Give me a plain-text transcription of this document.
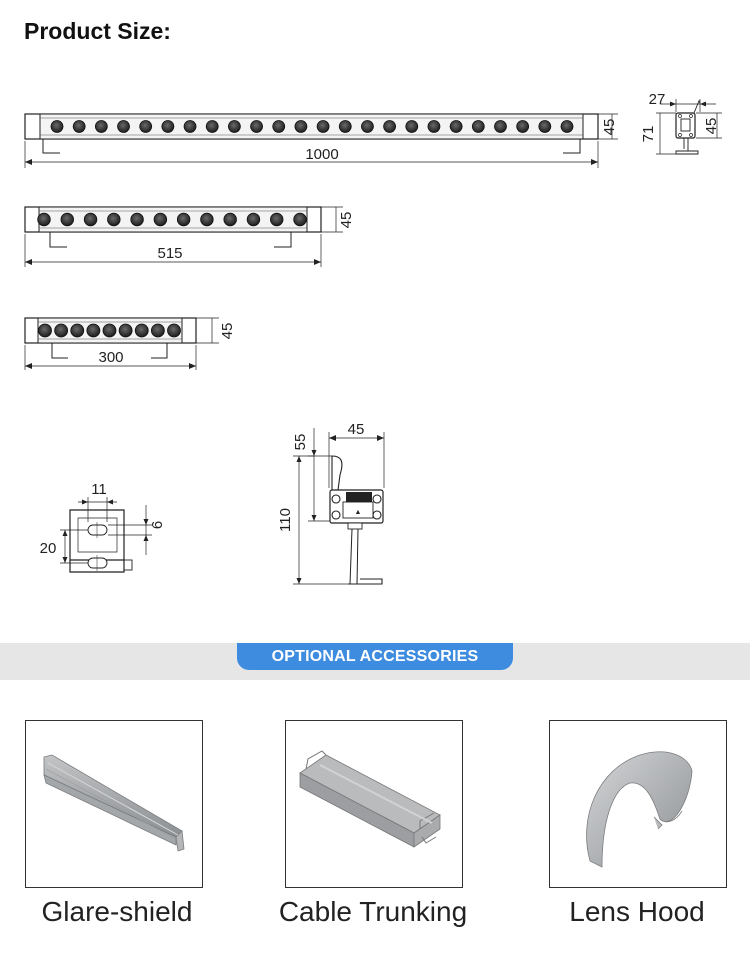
Product Size:
1000
45
27
45
71
515
45
300
45
11
6
20
▲
45
55
110
OPTIONAL ACCESSORIES
Glare-shield	Cable Trunking	Lens Hood
